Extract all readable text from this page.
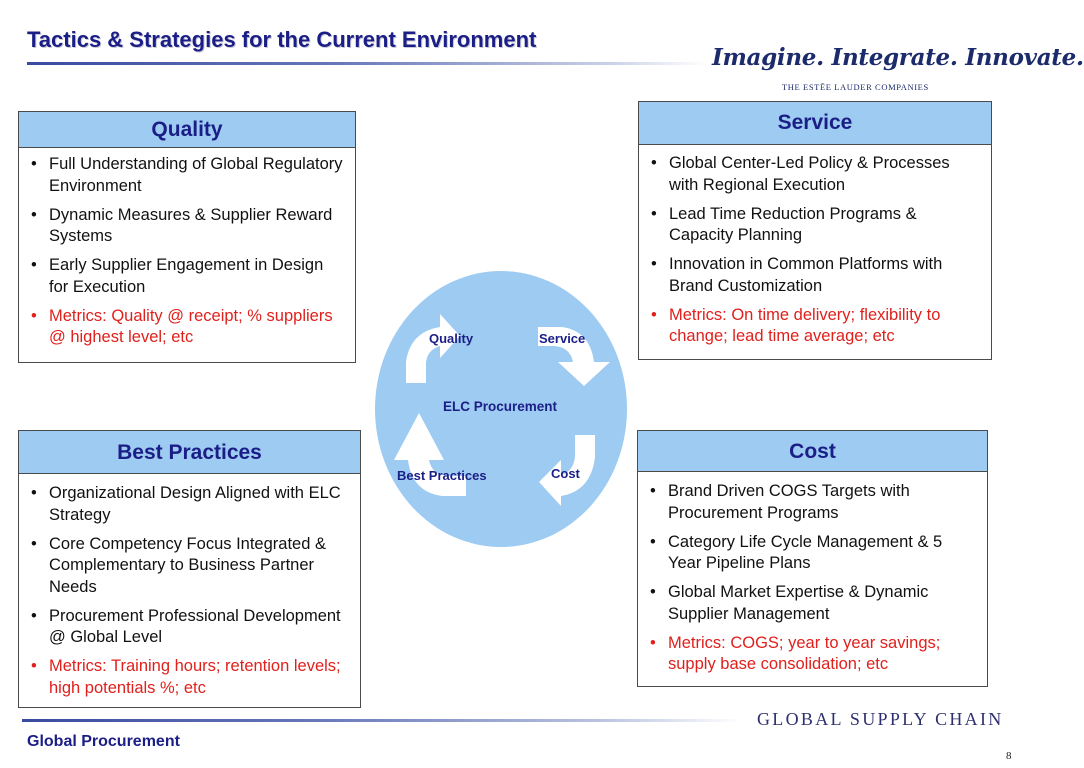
Tactics & Strategies for the Current Environment
Imagine. Integrate. Innovate.
THE ESTĒE LAUDER COMPANIES
Quality
• Full Understanding of Global Regulatory Environment
• Dynamic Measures & Supplier Reward Systems
• Early Supplier Engagement in Design for Execution
• Metrics: Quality @ receipt; % suppliers @ highest level; etc
Service
• Global Center-Led Policy & Processes with Regional Execution
• Lead Time Reduction Programs & Capacity Planning
• Innovation in Common Platforms with Brand Customization
• Metrics: On time delivery; flexibility to change; lead time average; etc
Best Practices
• Organizational Design Aligned with ELC Strategy
• Core Competency Focus Integrated & Complementary to Business Partner Needs
• Procurement Professional Development @ Global Level
• Metrics: Training hours; retention levels; high potentials %; etc
Cost
• Brand Driven COGS Targets with Procurement Programs
• Category Life Cycle Management & 5 Year Pipeline Plans
• Global Market Expertise & Dynamic Supplier Management
• Metrics: COGS; year to year savings; supply base consolidation; etc
Quality	Service
ELC Procurement
Best Practices	Cost
Global Procurement
GLOBAL SUPPLY CHAIN
8
